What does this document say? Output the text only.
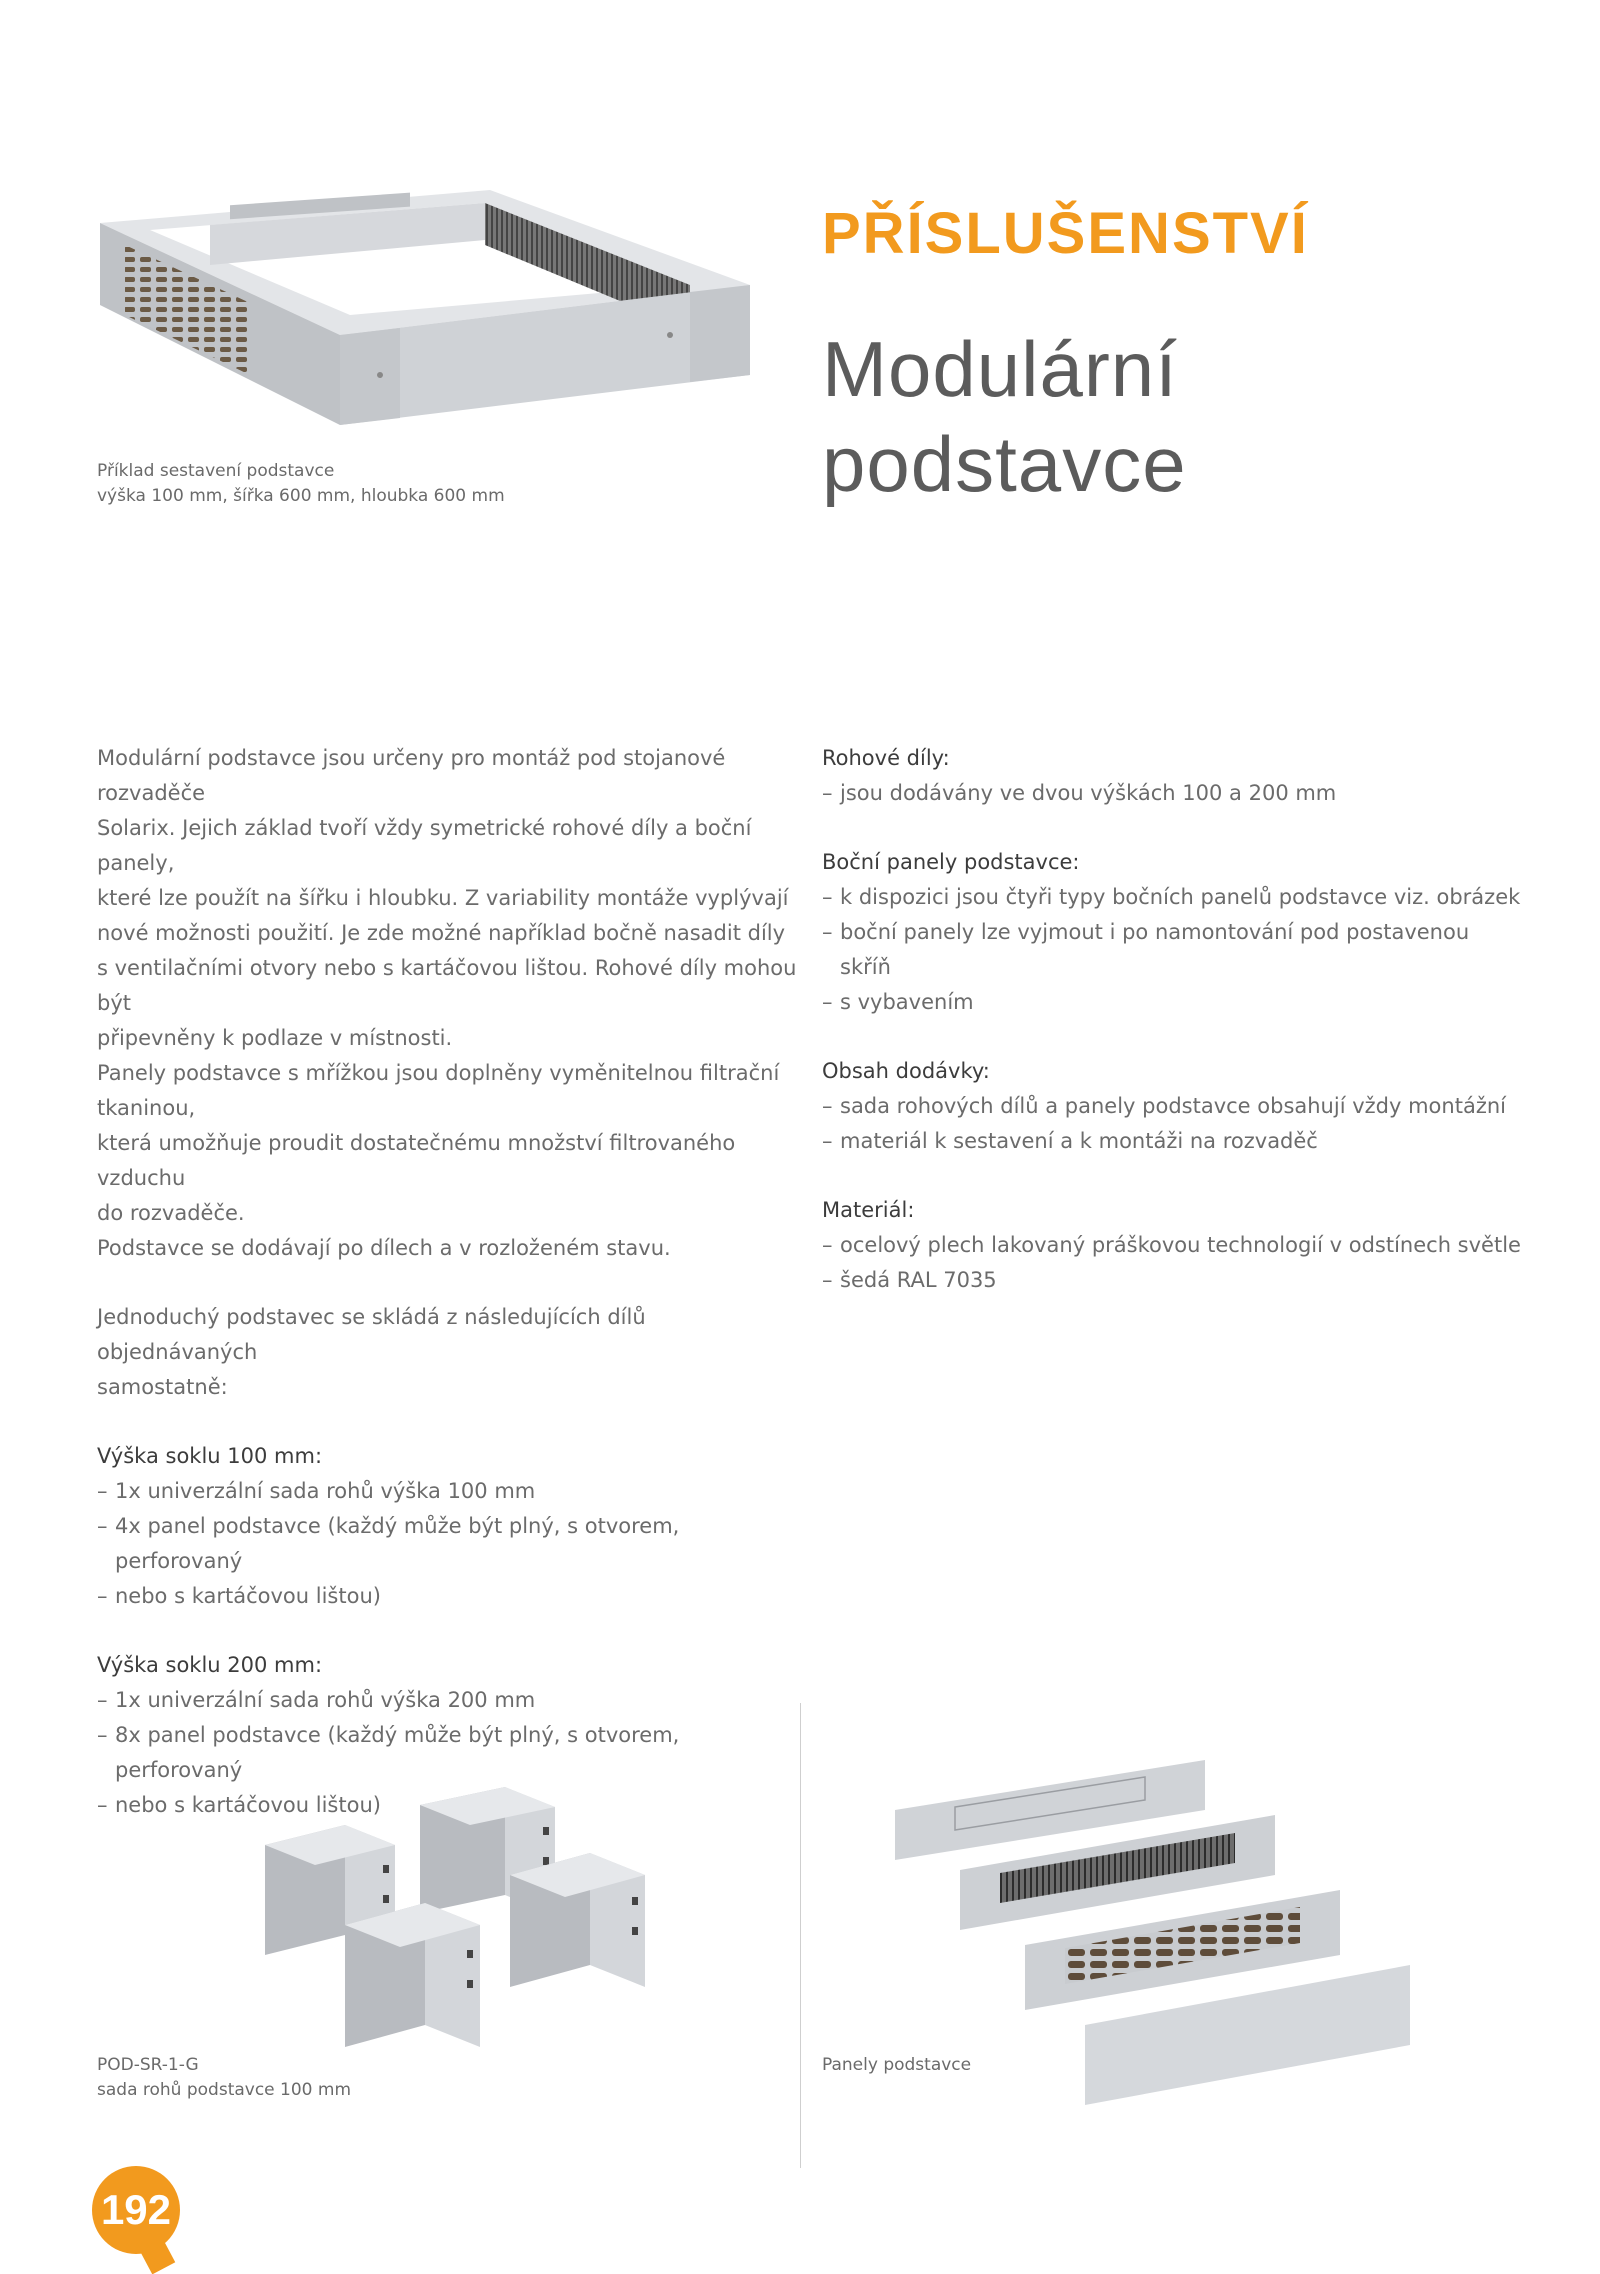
Příklad sestavení podstavce
výška 100 mm, šířka 600 mm, hloubka 600 mm
PŘÍSLUŠENSTVÍ
Modulární
podstavce

Modulární podstavce jsou určeny pro montáž pod stojanové rozvaděče

Solarix. Jejich základ tvoří vždy symetrické rohové díly a boční panely,

které lze použít na šířku i hloubku. Z variability montáže vyplývají

nové možnosti použití. Je zde možné například bočně nasadit díly

s ventilačními otvory nebo s kartáčovou lištou. Rohové díly mohou být

připevněny k podlaze v místnosti.

Panely podstavce s mřížkou jsou doplněny vyměnitelnou filtrační tkaninou,

která umožňuje proudit dostatečnému množství filtrovaného vzduchu

do rozvaděče.

Podstavce se dodávají po dílech a v rozloženém stavu.

Jednoduchý podstavec se skládá z následujících dílů objednávaných

samostatně:

Výška soklu 100 mm:

– 1x univerzální sada rohů výška 100 mm
– 4x panel podstavce (každý může být plný, s otvorem, perforovaný
– nebo s kartáčovou lištou)

Výška soklu 200 mm:

– 1x univerzální sada rohů výška 200 mm
– 8x panel podstavce (každý může být plný, s otvorem, perforovaný
– nebo s kartáčovou lištou)

Rohové díly:

– jsou dodávány ve dvou výškách 100 a 200 mm

Boční panely podstavce:

– k dispozici jsou čtyři typy bočních panelů podstavce viz. obrázek
– boční panely lze vyjmout i po namontování pod postavenou skříň
– s vybavením

Obsah dodávky:

– sada rohových dílů a panely podstavce obsahují vždy montážní
– materiál k sestavení a k montáži na rozvaděč

Materiál:

– ocelový plech lakovaný práškovou technologií v odstínech světle
– šedá RAL 7035
POD-SR-1-G
sada rohů podstavce 100 mm
Panely podstavce
192
